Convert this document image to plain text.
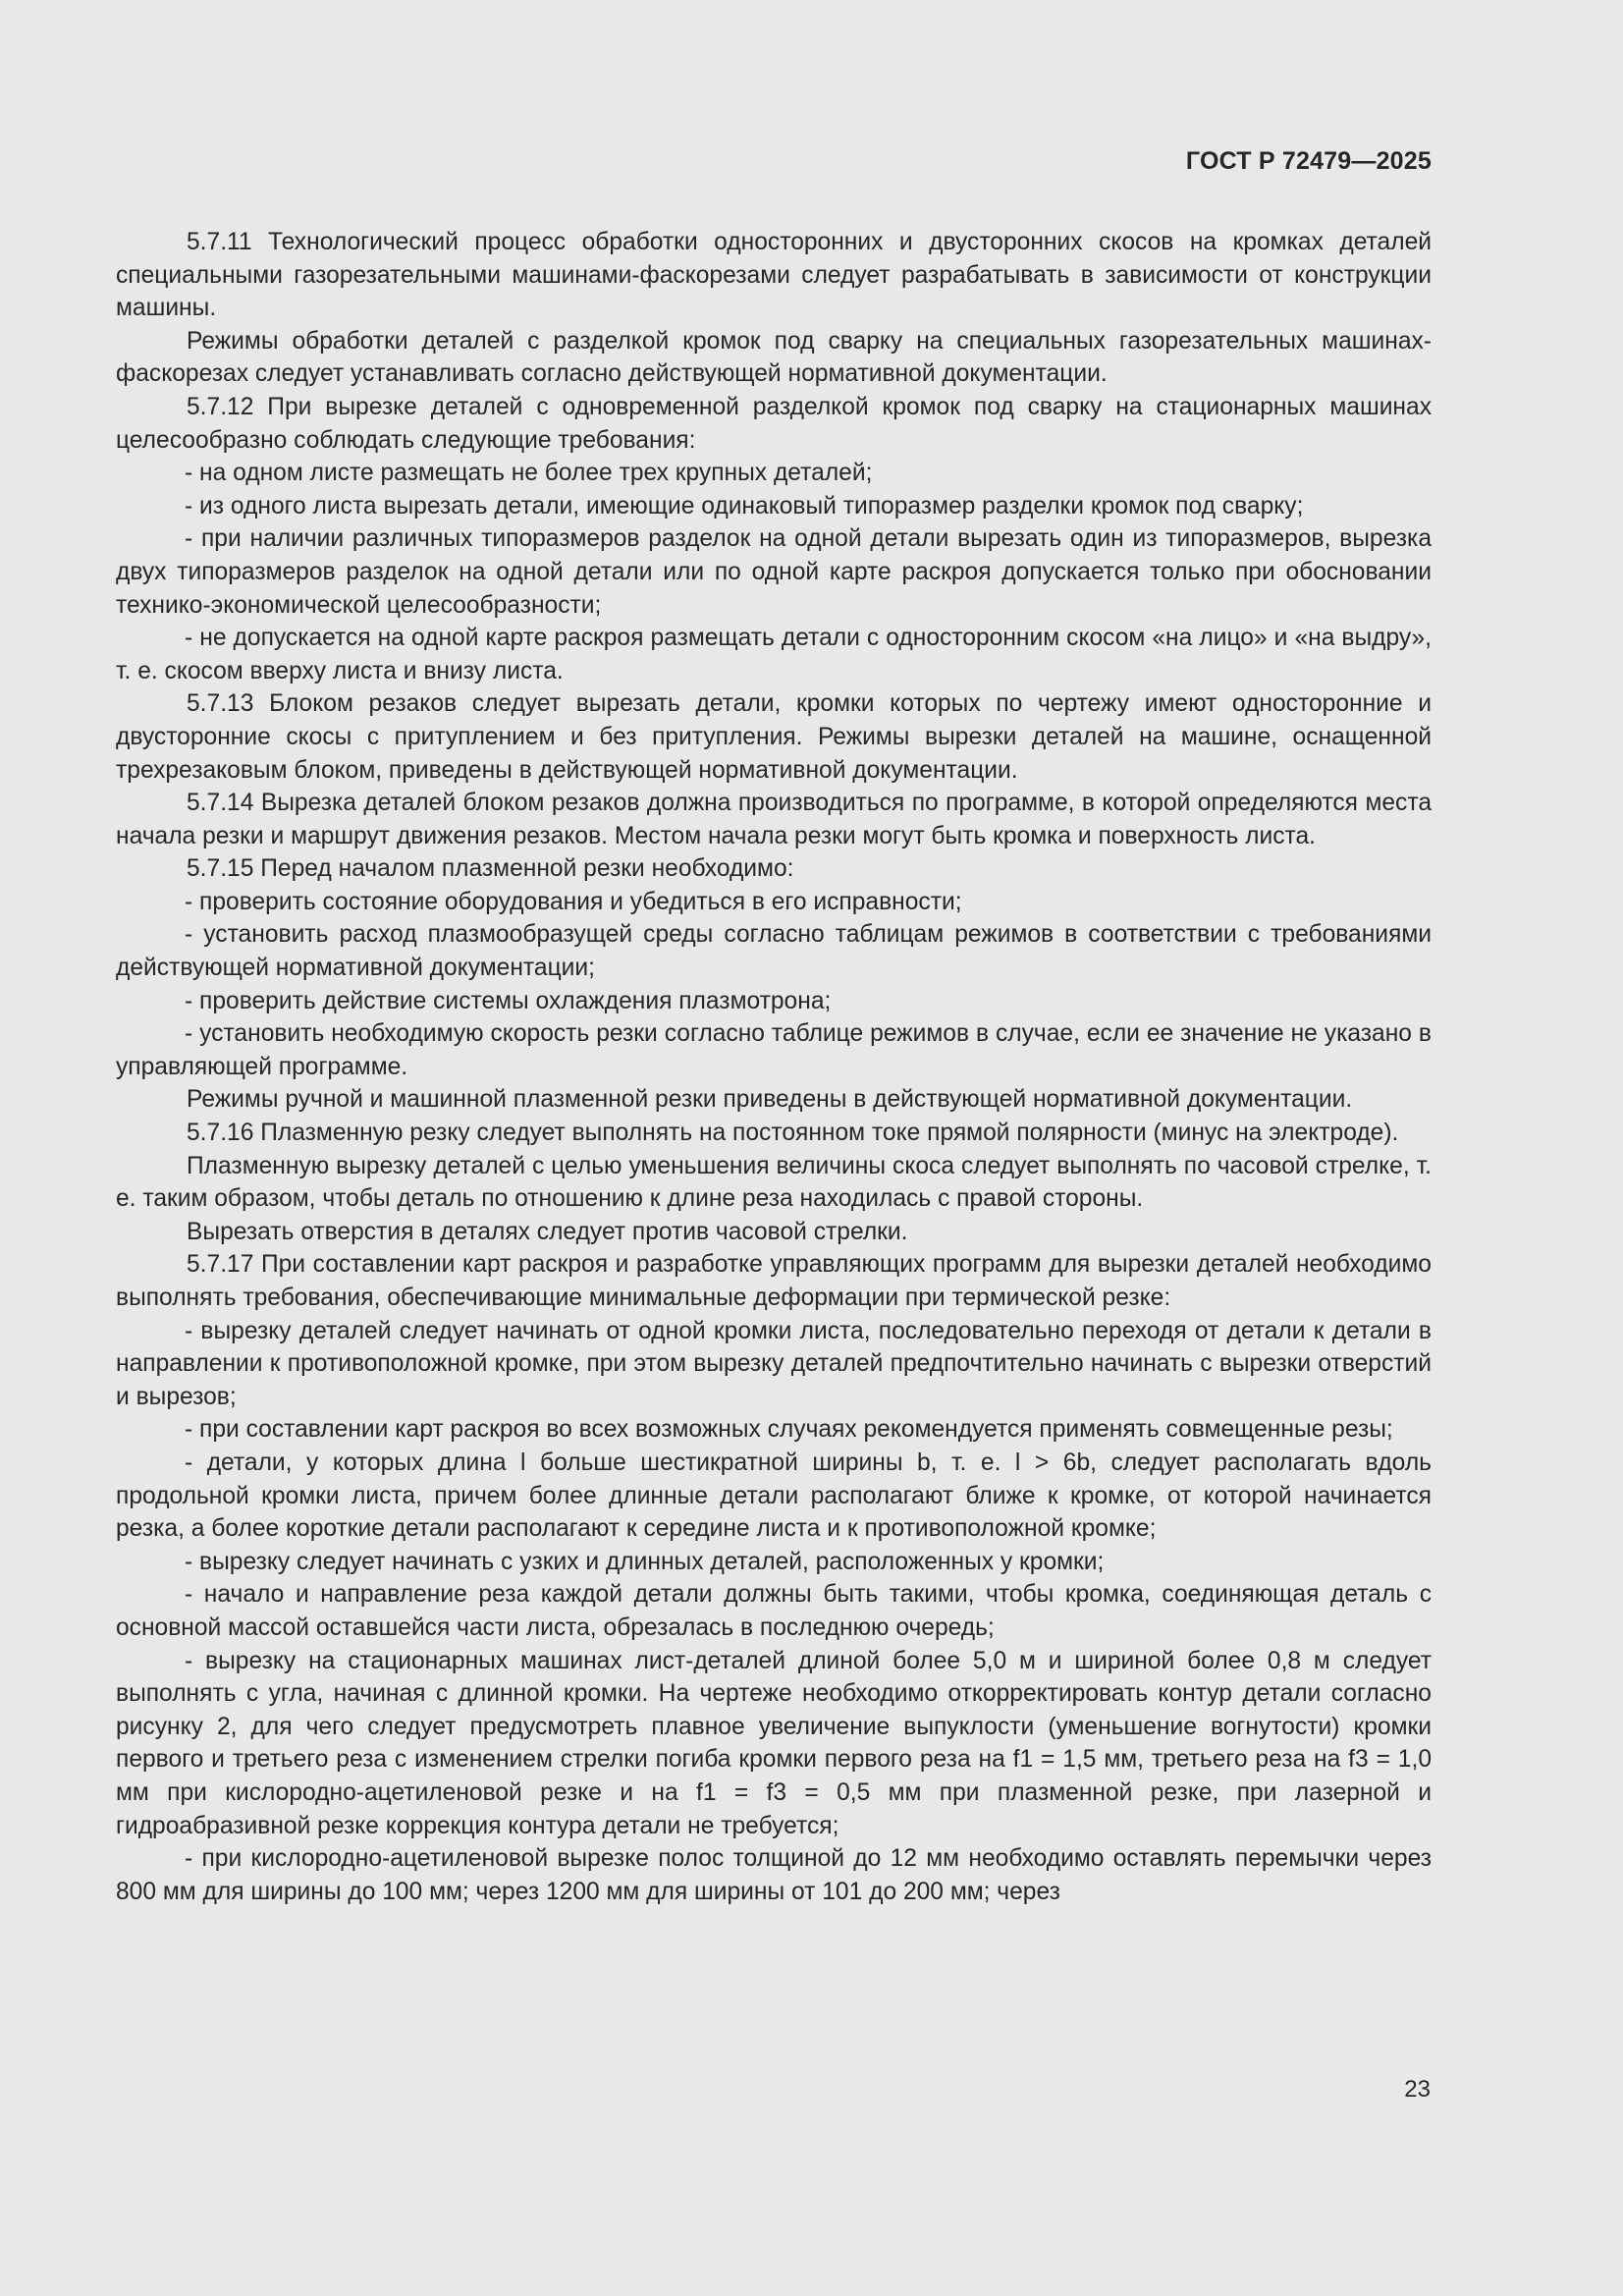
ГОСТ Р 72479—2025

5.7.11 Технологический процесс обработки односторонних и двусторонних скосов на кромках деталей специальными газорезательными машинами-фаскорезами следует разрабатывать в зависимости от конструкции машины.

Режимы обработки деталей с разделкой кромок под сварку на специальных газорезательных машинах-фаскорезах следует устанавливать согласно действующей нормативной документации.

5.7.12 При вырезке деталей с одновременной разделкой кромок под сварку на стационарных машинах целесообразно соблюдать следующие требования:

- на одном листе размещать не более трех крупных деталей;

- из одного листа вырезать детали, имеющие одинаковый типоразмер разделки кромок под сварку;

- при наличии различных типоразмеров разделок на одной детали вырезать один из типоразмеров, вырезка двух типоразмеров разделок на одной детали или по одной карте раскроя допускается только при обосновании технико-экономической целесообразности;

- не допускается на одной карте раскроя размещать детали с односторонним скосом «на лицо» и «на выдру», т. е. скосом вверху листа и внизу листа.

5.7.13 Блоком резаков следует вырезать детали, кромки которых по чертежу имеют односторонние и двусторонние скосы с притуплением и без притупления. Режимы вырезки деталей на машине, оснащенной трехрезаковым блоком, приведены в действующей нормативной документации.

5.7.14 Вырезка деталей блоком резаков должна производиться по программе, в которой определяются места начала резки и маршрут движения резаков. Местом начала резки могут быть кромка и поверхность листа.

5.7.15 Перед началом плазменной резки необходимо:

- проверить состояние оборудования и убедиться в его исправности;

- установить расход плазмообразущей среды согласно таблицам режимов в соответствии с требованиями действующей нормативной документации;

- проверить действие системы охлаждения плазмотрона;

- установить необходимую скорость резки согласно таблице режимов в случае, если ее значение не указано в управляющей программе.

Режимы ручной и машинной плазменной резки приведены в действующей нормативной документации.

5.7.16 Плазменную резку следует выполнять на постоянном токе прямой полярности (минус на электроде).

Плазменную вырезку деталей с целью уменьшения величины скоса следует выполнять по часовой стрелке, т. е. таким образом, чтобы деталь по отношению к длине реза находилась с правой стороны.

Вырезать отверстия в деталях следует против часовой стрелки.

5.7.17 При составлении карт раскроя и разработке управляющих программ для вырезки деталей необходимо выполнять требования, обеспечивающие минимальные деформации при термической резке:

- вырезку деталей следует начинать от одной кромки листа, последовательно переходя от детали к детали в направлении к противоположной кромке, при этом вырезку деталей предпочтительно начинать с вырезки отверстий и вырезов;

- при составлении карт раскроя во всех возможных случаях рекомендуется применять совмещенные резы;

- детали, у которых длина l больше шестикратной ширины b, т. е. l > 6b, следует располагать вдоль продольной кромки листа, причем более длинные детали располагают ближе к кромке, от которой начинается резка, а более короткие детали располагают к середине листа и к противоположной кромке;

- вырезку следует начинать с узких и длинных деталей, расположенных у кромки;

- начало и направление реза каждой детали должны быть такими, чтобы кромка, соединяющая деталь с основной массой оставшейся части листа, обрезалась в последнюю очередь;

- вырезку на стационарных машинах лист-деталей длиной более 5,0 м и шириной более 0,8 м следует выполнять с угла, начиная с длинной кромки. На чертеже необходимо откорректировать контур детали согласно рисунку 2, для чего следует предусмотреть плавное увеличение выпуклости (уменьшение вогнутости) кромки первого и третьего реза с изменением стрелки погиба кромки первого реза на f1 = 1,5 мм, третьего реза на f3 = 1,0 мм при кислородно-ацетиленовой резке и на f1 = f3 = 0,5 мм при плазменной резке, при лазерной и гидроабразивной резке коррекция контура детали не требуется;

- при кислородно-ацетиленовой вырезке полос толщиной до 12 мм необходимо оставлять перемычки через 800 мм для ширины до 100 мм; через 1200 мм для ширины от 101 до 200 мм; через

23
